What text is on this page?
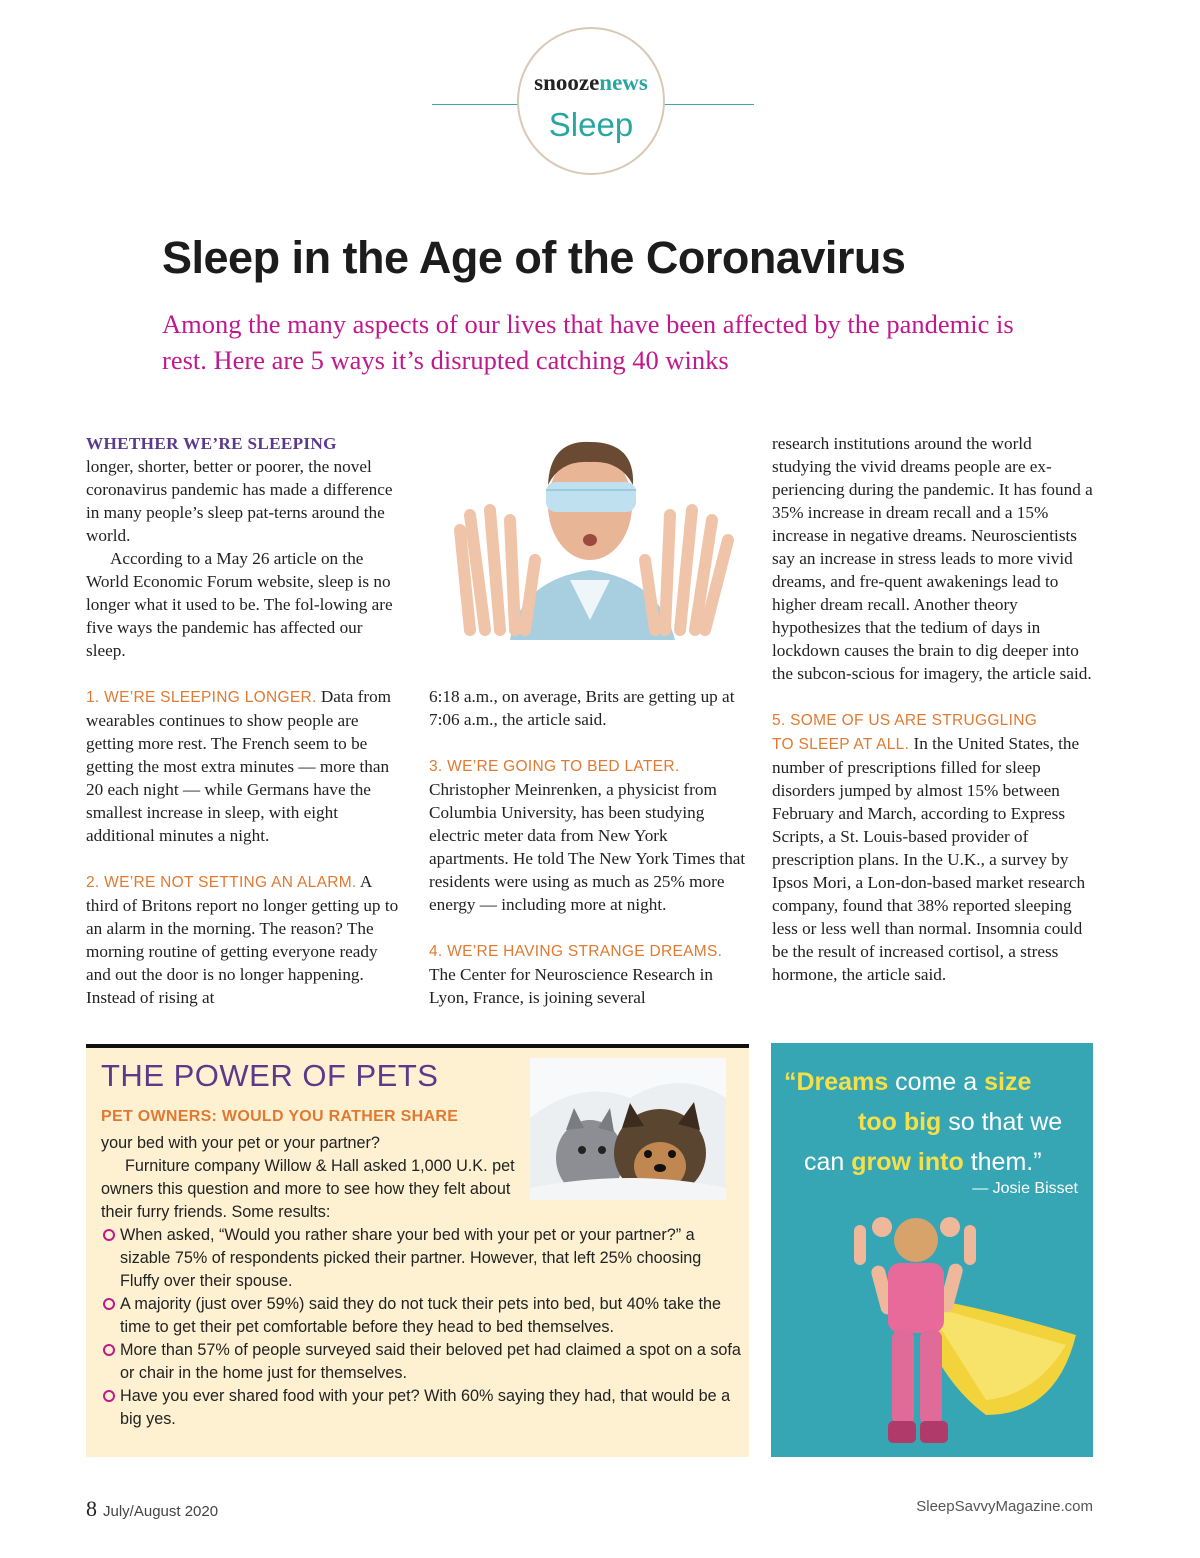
snoozenews
Sleep
Sleep in the Age of the Coronavirus
Among the many aspects of our lives that have been affected by the pandemic is rest. Here are 5 ways it’s disrupted catching 40 winks

WHETHER WE’RE SLEEPING
longer, shorter, better or poorer, the novel coronavirus pandemic has made a difference in many people’s sleep pat-terns around the world.

According to a May 26 article on the World Economic Forum website, sleep is no longer what it used to be. The fol-lowing are five ways the pandemic has affected our sleep.

1. WE’RE SLEEPING LONGER. Data from wearables continues to show people are getting more rest. The French seem to be getting the most extra minutes — more than 20 each night — while Germans have the smallest increase in sleep, with eight additional minutes a night.

2. WE’RE NOT SETTING AN ALARM. A third of Britons report no longer getting up to an alarm in the morning. The reason? The morning routine of getting everyone ready and out the door is no longer happening. Instead of rising at

6:18 a.m., on average, Brits are getting up at 7:06 a.m., the article said.

3. WE’RE GOING TO BED LATER.
Christopher Meinrenken, a physicist from Columbia University, has been studying electric meter data from New York apartments. He told The New York Times that residents were using as much as 25% more energy — including more at night.

4. WE’RE HAVING STRANGE DREAMS.
The Center for Neuroscience Research in Lyon, France, is joining several

research institutions around the world studying the vivid dreams people are ex-periencing during the pandemic. It has found a 35% increase in dream recall and a 15% increase in negative dreams. Neuroscientists say an increase in stress leads to more vivid dreams, and fre-quent awakenings lead to higher dream recall. Another theory hypothesizes that the tedium of days in lockdown causes the brain to dig deeper into the subcon-scious for imagery, the article said.

5. SOME OF US ARE STRUGGLING
TO SLEEP AT ALL. In the United States, the number of prescriptions filled for sleep disorders jumped by almost 15% between February and March, according to Express Scripts, a St. Louis-based provider of prescription plans. In the U.K., a survey by Ipsos Mori, a Lon-don-based market research company, found that 38% reported sleeping less or less well than normal. Insomnia could be the result of increased cortisol, a stress hormone, the article said.

THE POWER OF PETS
PET OWNERS: WOULD YOU RATHER SHARE

your bed with your pet or your partner?

Furniture company Willow & Hall asked 1,000 U.K. pet owners this question and more to see how they felt about their furry friends. Some results:

When asked, “Would you rather share your bed with your pet or your partner?” a sizable 75% of respondents picked their partner. However, that left 25% choosing Fluffy over their spouse.
A majority (just over 59%) said they do not tuck their pets into bed, but 40% take the time to get their pet comfortable before they head to bed themselves.
More than 57% of people surveyed said their beloved pet had claimed a spot on a sofa or chair in the home just for themselves.
Have you ever shared food with your pet? With 60% saying they had, that would be a big yes.
“Dreams come a size
too big so that we
can grow into them.”
— Josie Bisset
8 July/August 2020	SleepSavvyMagazine.com
